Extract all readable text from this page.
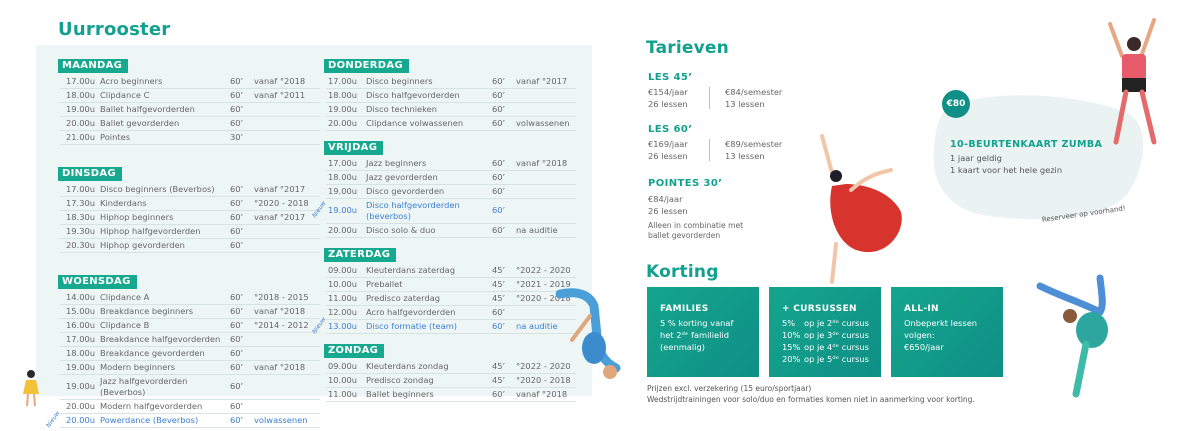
Uurrooster
MAANDAG
17.00u Acro beginners	60’ vanaf °2018
18.00u Clipdance C	60’ vanaf °2011
19.00u Ballet halfgevorderden	60’
20.00u Ballet gevorderden	60’
21.00u Pointes	30’
DINSDAG
17.00u Disco beginners (Beverbos) 60’ vanaf °2017
17.30u Kinderdans	60’ °2020 - 2018
18.30u Hiphop beginners	60’ vanaf °2017
19.30u Hiphop halfgevorderden	60’
20.30u Hiphop gevorderden	60’
WOENSDAG
14.00u Clipdance A	60’ °2018 - 2015
15.00u Breakdance beginners	60’ vanaf °2018
16.00u Clipdance B	60’ °2014 - 2012
17.00u Breakdance halfgevorderden 60’
18.00u Breakdance gevorderden	60’
19.00u Modern beginners	60’ vanaf °2018
19.00u Jazz halfgevorderden (Beverbos)
60’
20.00u Modern halfgevorderden	60’
20.00u Powerdance (Beverbos)	60’ volwassenen
Nieuw
DONDERDAG
17.00u Disco beginners	60’ vanaf °2017
18.00u Disco halfgevorderden	60’
19.00u Disco technieken	60’
20.00u Clipdance volwassenen	60’ volwassenen
VRIJDAG
17.00u Jazz beginners	60’ vanaf °2018
18.00u Jazz gevorderden	60’
19.00u Disco gevorderden	60’
19.00u Disco halfgevorderden (beverbos)
60’
Nieuw
20.00u Disco solo & duo	60’ na auditie
ZATERDAG
09.00u Kleuterdans zaterdag	45’ °2022 - 2020
10.00u Preballet	45’ °2021 - 2019
11.00u Predisco zaterdag	45’ °2020 - 2018
12.00u Acro halfgevorderden	60’
13.00u Disco formatie (team)	60’ na auditie
Nieuw
ZONDAG
09.00u Kleuterdans zondag	45’ °2022 - 2020
10.00u Predisco zondag	45’ °2020 - 2018
11.00u Ballet beginners	60’ vanaf °2018
Tarieven
LES 45’
€154/jaar
26 lessen
€84/semester
13 lessen
LES 60’
€169/jaar
26 lessen
€89/semester
13 lessen
POINTES 30’
€84/jaar
26 lessen
Alleen in combinatie met
ballet gevorderden
€80
10-BEURTENKAART ZUMBA
1 jaar geldig
1 kaart voor het hele gezin
Reserveer op voorhand!
Korting
FAMILIES
5 % korting vanaf
het 2ᵈᵉ familielid
(eenmalig)
+ CURSUSSEN
5% op je 2ᵈᵉ cursus
10% op je 3ᵈᵉ cursus
15% op je 4ᵈᵉ cursus
20% op je 5ᵈᵉ cursus
ALL-IN
Onbeperkt lessen
volgen:
€650/jaar
Prijzen excl. verzekering (15 euro/sportjaar)
Wedstrijdtrainingen voor solo/duo en formaties komen niet in aanmerking voor korting.
